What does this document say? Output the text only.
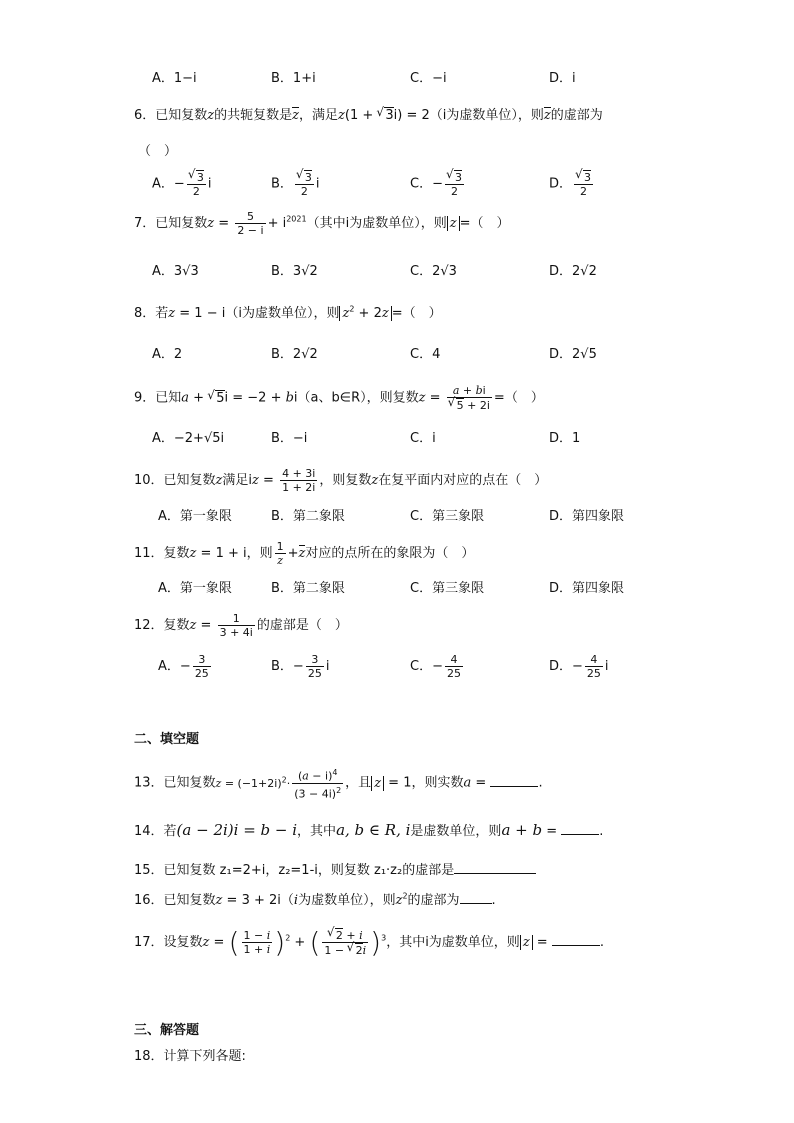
A．1−i	B．1+i	C．−i	D．i
6．已知复数z的共轭复数是z，满足z(1 + √ 3i) = 2（i为虚数单位），则z的虚部为
（　）
A．− √ $\frac{3}{2}$ i	B． √ $\frac{3}{2}$ i	C．− √ $\frac{3}{2}$	D． √ $\frac{3}{2}$
7．已知复数$z = \frac{5}{2 - i} + i^{2021}$（其中i为虚数单位），则 z =（　）
A．3√3	B．3√2	C．2√3	D．2√2
8．若z = 1 − i（i为虚数单位），则 $z^2 + 2z$ =（　）
A．2	B．2√2	C．4	D．2√5
9．已知a + √ 5i = −2 + bi（a、b∈R），则复数z = a + bi
√ 5 + 2i =（　）
A．−2+√5i	B．−i	C．i	D．1
10．已知复数z满足iz = $\frac{4 + 3i}{1 + 2i}$ ，则复数z在复平面内对应的点在（　）
A．第一象限	B．第二象限	C．第三象限	D．第四象限
11．复数z = 1 + i，则 $\frac{1}{z} +z$对应的点所在的象限为（　）
A．第一象限	B．第二象限	C．第三象限	D．第四象限
12．复数$z = \frac{1}{3 + 4i}$ 的虚部是（　）
A．− $\frac{3}{25}$	B．− $\frac{3}{25}$ i	C．− $\frac{4}{25}$	D．− $\frac{4}{25}$ i
二、填空题
13．已知复数$z = (-1+2i)^2\cdot \frac{(a - i)^4}{(3 - 4i)^2}$ ，且 z = 1，则实数a =	.
14．若(a − 2i)i = b − i，其中a, b ∈ R, i是虚数单位，则a + b =	.
15．已知复数 z₁=2+i，z₂=1-i，则复数 z₁·z₂的虚部是
16．已知复数z = 3 + 2i（i为虚数单位），则$z^2$的虚部为 .
17．设复数z = ( $\frac{1 - i}{1 + i} )^2$ + ( √ $\frac{2 + i}{1 - √ 2i} )^3$，其中i为虚数单位，则 z =	.
三、解答题
18．计算下列各题:
